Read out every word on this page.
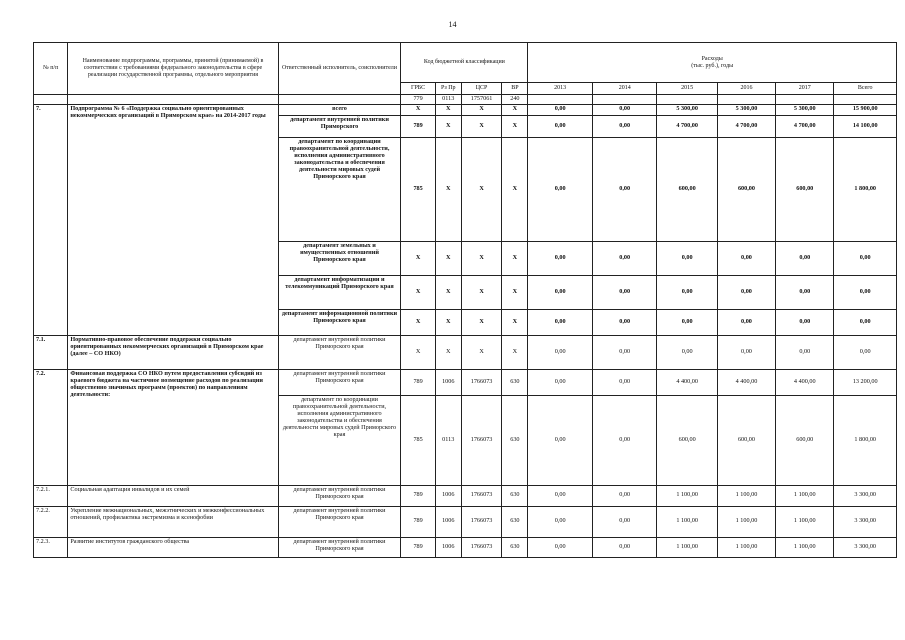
14
№ п/п	Наименование подпрограммы, программы, принятой (принимаемой) в соответствии с требованиями федерального законодательства в сфере реализации государственной программы, отдельного мероприятия	Ответственный исполнитель, соисполнители	Код бюджетной классификации				Расходы
(тыс. руб.), годы					

			ГРБС	Рз Пр	ЦСР	ВР	2013	2014	2015	2016	2017	Всего
			779	0113	1757061	240						
7.	Подпрограмма № 6 «Поддержка социально ориентированных некоммерческих организаций в Приморском крае» на 2014-2017 годы	всего	X	X	X	X	0,00	0,00	5 300,00	5 300,00	5 300,00	15 900,00
		департамент внутренней политики Приморского	789	X	X	X	0,00	0,00	4 700,00	4 700,00	4 700,00	14 100,00
		департамент по координации правоохранительной деятельности, исполнения административного законодательства и обеспечения деятельности мировых судей Приморского края	785	X	X	X	0,00	0,00	600,00	600,00	600,00	1 800,00
		департамент земельных и имущественных отношений Приморского края	X	X	X	X	0,00	0,00	0,00	0,00	0,00	0,00
		департамент информатизации и телекоммуникаций Приморского края	X	X	X	X	0,00	0,00	0,00	0,00	0,00	0,00
		департамент информационной политики Приморского края	X	X	X	X	0,00	0,00	0,00	0,00	0,00	0,00
7.1.	Нормативно-правовое обеспечение поддержки социально ориентированных некоммерческих организаций в Приморском крае (далее – СО НКО)	департамент внутренней политики Приморского края	X	X	X	X	0,00	0,00	0,00	0,00	0,00	0,00
7.2.	Финансовая поддержка СО НКО путем предоставления субсидий из краевого бюджета на частичное возмещение расходов по реализации общественно значимых программ (проектов) по направлениям деятельности:	департамент внутренней политики Приморского края	789	1006	1766073	630	0,00	0,00	4 400,00	4 400,00	4 400,00	13 200,00
		департамент по координации правоохранительной деятельности, исполнения административного законодательства и обеспечения деятельности мировых судей Приморского края	785	0113	1766073	630	0,00	0,00	600,00	600,00	600,00	1 800,00
7.2.1.	Социальная адаптация инвалидов и их семей	департамент внутренней политики Приморского края	789	1006	1766073	630	0,00	0,00	1 100,00	1 100,00	1 100,00	3 300,00
7.2.2.	Укрепление межнациональных, межэтнических и межконфессиональных отношений, профилактика экстремизма и ксенофобии	департамент внутренней политики Приморского края	789	1006	1766073	630	0,00	0,00	1 100,00	1 100,00	1 100,00	3 300,00
7.2.3.	Развитие институтов гражданского общества	департамент внутренней политики Приморского края	789	1006	1766073	630	0,00	0,00	1 100,00	1 100,00	1 100,00	3 300,00
